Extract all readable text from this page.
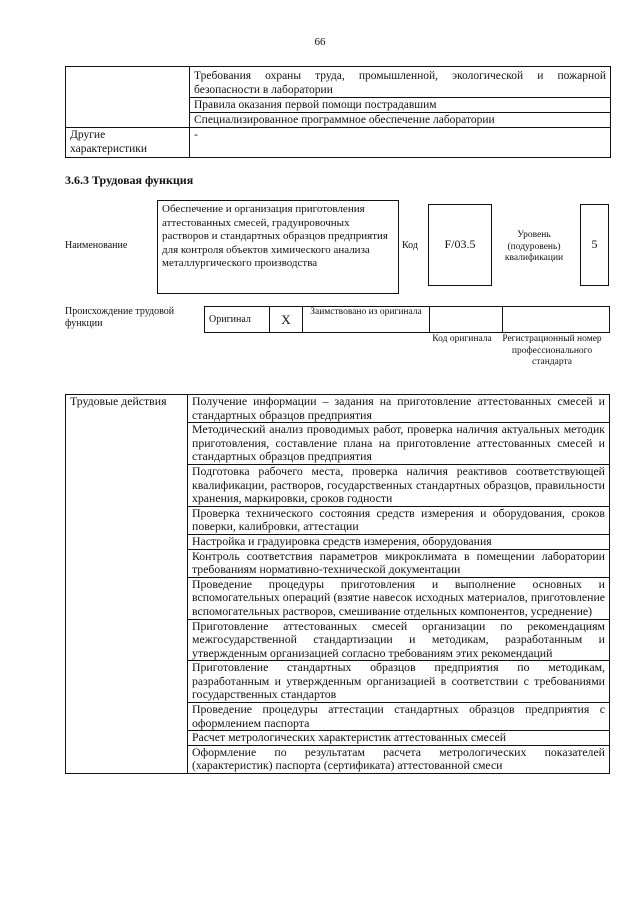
66
	Требования охраны труда, промышленной, экологической и пожарной безопасности в лаборатории
	Правила оказания первой помощи пострадавшим
	Специализированное программное обеспечение лаборатории
Другие характеристики	-
3.6.3 Трудовая функция
Наименование
Обеспечение и организация приготовления аттестованных смесей, градуировочных растворов и стандартных образцов предприятия для контроля объектов химического анализа металлургического производства
Код	F/03.5
Уровень (подуровень) квалификации
5
Происхождение трудовой функции	Оригинал	X	Заимствовано из оригинала		
Код оригинала Регистрационный номер профессионального стандарта
Трудовые действия	Получение информации – задания на приготовление аттестованных смесей и стандартных образцов предприятия
Методический анализ проводимых работ, проверка наличия актуальных методик приготовления, составление плана на приготовление аттестованных смесей и стандартных образцов предприятия
Подготовка рабочего места, проверка наличия реактивов соответствующей квалификации, растворов, государственных стандартных образцов, правильности хранения, маркировки, сроков годности
Проверка технического состояния средств измерения и оборудования, сроков поверки, калибровки, аттестации
Настройка и градуировка средств измерения, оборудования
Контроль соответствия параметров микроклимата в помещении лаборатории требованиям нормативно-технической документации
Проведение процедуры приготовления и выполнение основных и вспомогательных операций (взятие навесок исходных материалов, приготовление вспомогательных растворов, смешивание отдельных компонентов, усреднение)
Приготовление аттестованных смесей организации по рекомендациям межгосударственной стандартизации и методикам, разработанным и утвержденным организацией согласно требованиям этих рекомендаций
Приготовление стандартных образцов предприятия по методикам, разработанным и утвержденным организацией в соответствии с требованиями государственных стандартов
Проведение процедуры аттестации стандартных образцов предприятия с оформлением паспорта
Расчет метрологических характеристик аттестованных смесей
Оформление по результатам расчета метрологических показателей (характеристик) паспорта (сертификата) аттестованной смеси
